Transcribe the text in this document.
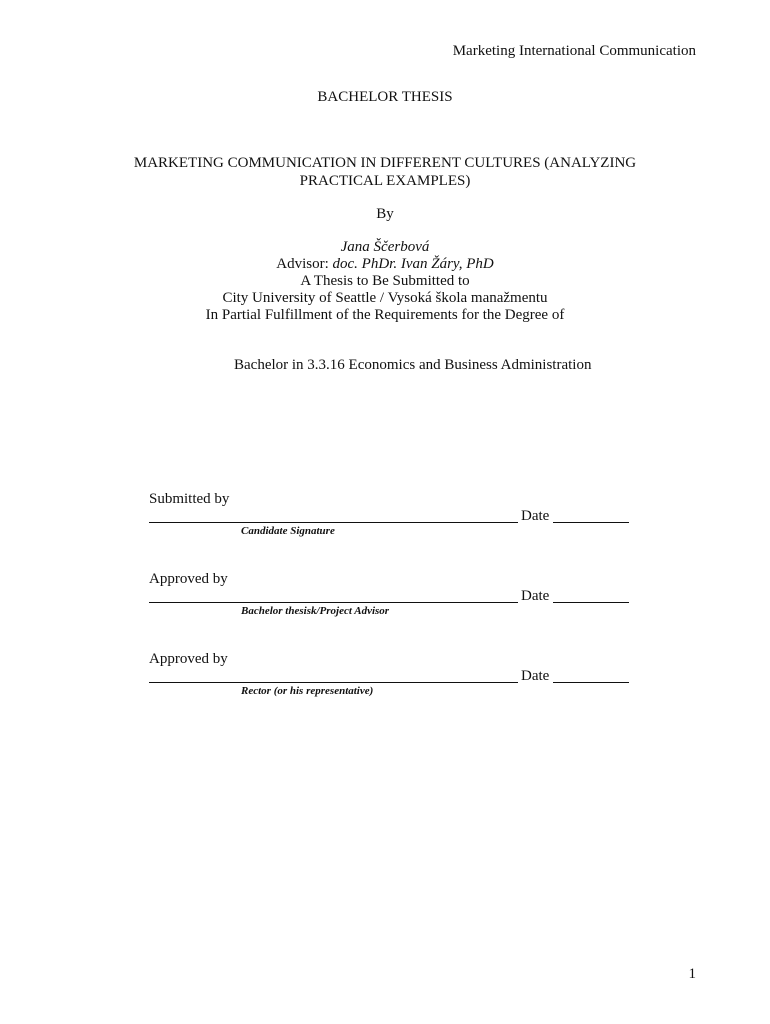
Marketing International Communication
BACHELOR THESIS
MARKETING COMMUNICATION IN DIFFERENT CULTURES (ANALYZING
PRACTICAL EXAMPLES)
By
Jana Ščerbová
Advisor: doc. PhDr. Ivan Žáry, PhD
A Thesis to Be Submitted to
City University of Seattle / Vysoká škola manažmentu
In Partial Fulfillment of the Requirements for the Degree of
Bachelor in 3.3.16 Economics and Business Administration
Submitted by
Date
Candidate Signature
Approved by
Date
Bachelor thesisk/Project Advisor
Approved by
Date
Rector (or his representative)
1
